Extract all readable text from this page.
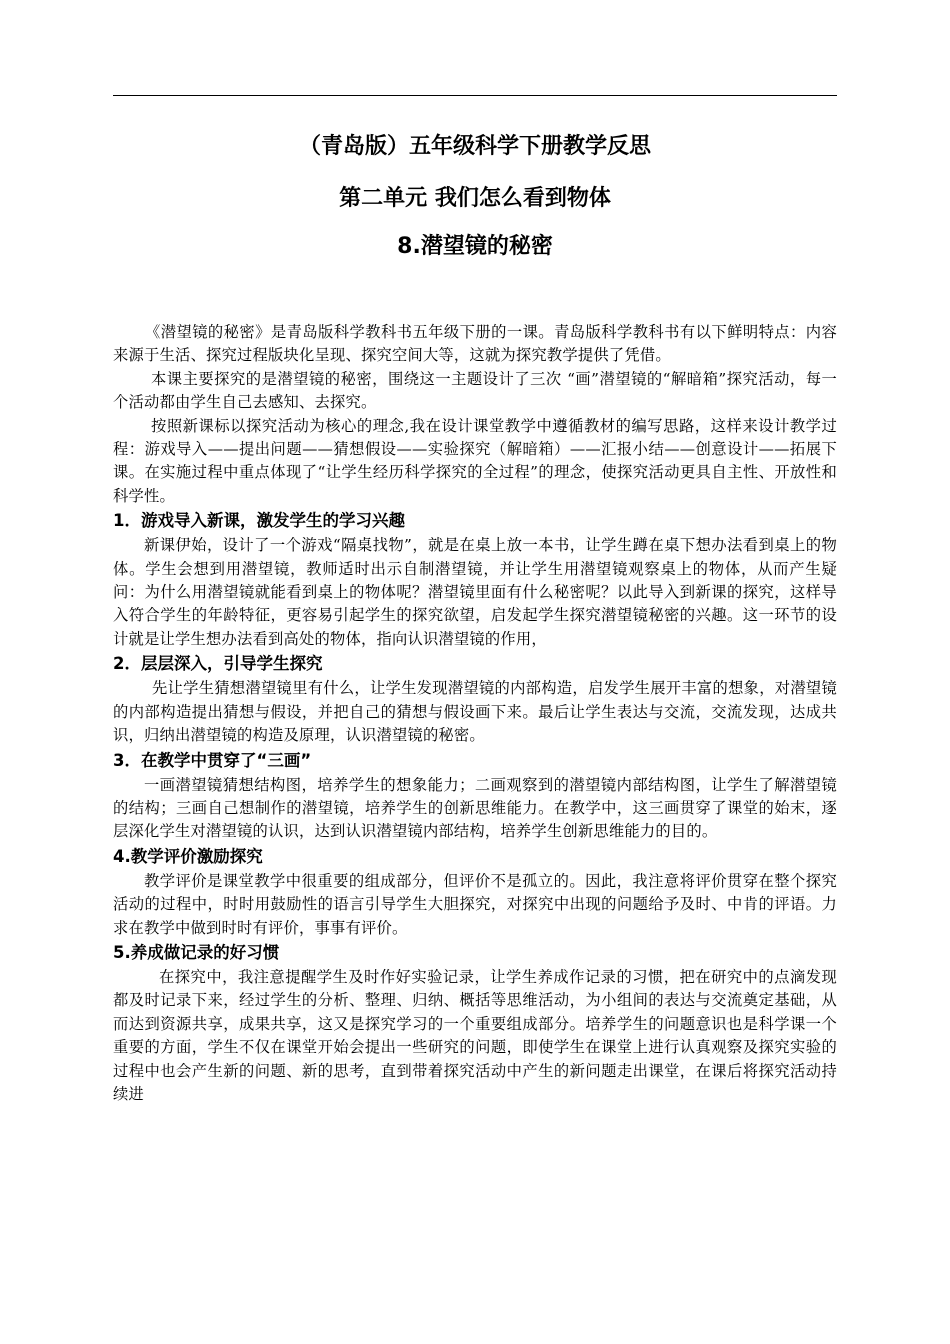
（青岛版）五年级科学下册教学反思
第二单元 我们怎么看到物体
8.潜望镜的秘密

《潜望镜的秘密》是青岛版科学教科书五年级下册的一课。青岛版科学教科书有以下鲜明特点：内容来源于生活、探究过程版块化呈现、探究空间大等，这就为探究教学提供了凭借。

本课主要探究的是潜望镜的秘密，围绕这一主题设计了三次 “画”潜望镜的“解暗箱”探究活动，每一个活动都由学生自己去感知、去探究。

按照新课标以探究活动为核心的理念,我在设计课堂教学中遵循教材的编写思路，这样来设计教学过程：游戏导入——提出问题——猜想假设——实验探究（解暗箱）——汇报小结——创意设计——拓展下课。在实施过程中重点体现了“让学生经历科学探究的全过程”的理念，使探究活动更具自主性、开放性和科学性。

1．游戏导入新课，激发学生的学习兴趣

新课伊始，设计了一个游戏“隔桌找物”，就是在桌上放一本书，让学生蹲在桌下想办法看到桌上的物体。学生会想到用潜望镜，教师适时出示自制潜望镜，并让学生用潜望镜观察桌上的物体，从而产生疑问：为什么用潜望镜就能看到桌上的物体呢？潜望镜里面有什么秘密呢？以此导入到新课的探究，这样导入符合学生的年龄特征，更容易引起学生的探究欲望，启发起学生探究潜望镜秘密的兴趣。这一环节的设计就是让学生想办法看到高处的物体，指向认识潜望镜的作用，

2．层层深入，引导学生探究

先让学生猜想潜望镜里有什么，让学生发现潜望镜的内部构造，启发学生展开丰富的想象，对潜望镜的内部构造提出猜想与假设，并把自己的猜想与假设画下来。最后让学生表达与交流，交流发现，达成共识，归纳出潜望镜的构造及原理，认识潜望镜的秘密。

3．在教学中贯穿了“三画”

一画潜望镜猜想结构图，培养学生的想象能力；二画观察到的潜望镜内部结构图，让学生了解潜望镜的结构；三画自己想制作的潜望镜，培养学生的创新思维能力。在教学中，这三画贯穿了课堂的始末，逐层深化学生对潜望镜的认识，达到认识潜望镜内部结构，培养学生创新思维能力的目的。

4.教学评价激励探究

教学评价是课堂教学中很重要的组成部分，但评价不是孤立的。因此，我注意将评价贯穿在整个探究活动的过程中，时时用鼓励性的语言引导学生大胆探究，对探究中出现的问题给予及时、中肯的评语。力求在教学中做到时时有评价，事事有评价。

5.养成做记录的好习惯

在探究中，我注意提醒学生及时作好实验记录，让学生养成作记录的习惯，把在研究中的点滴发现都及时记录下来，经过学生的分析、整理、归纳、概括等思维活动，为小组间的表达与交流奠定基础，从而达到资源共享，成果共享，这又是探究学习的一个重要组成部分。培养学生的问题意识也是科学课一个重要的方面，学生不仅在课堂开始会提出一些研究的问题，即使学生在课堂上进行认真观察及探究实验的过程中也会产生新的问题、新的思考，直到带着探究活动中产生的新问题走出课堂，在课后将探究活动持续进
